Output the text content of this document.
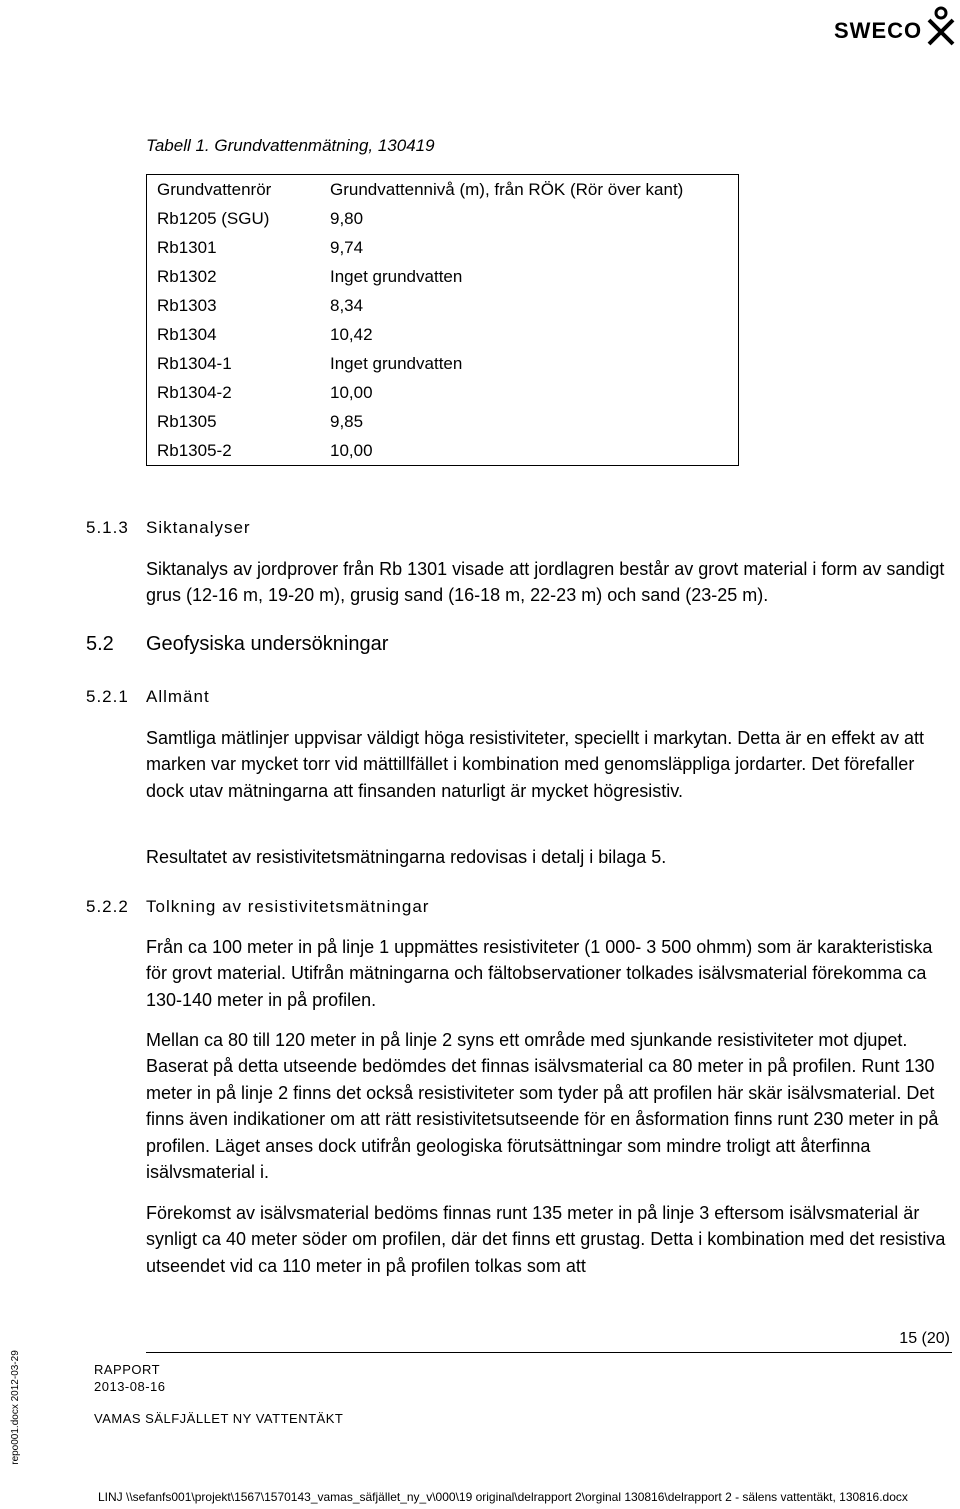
SWECO
Tabell 1. Grundvattenmätning, 130419
Grundvattenrör	Grundvattennivå (m), från RÖK (Rör över kant)
Rb1205 (SGU)	9,80
Rb1301	9,74
Rb1302	Inget grundvatten
Rb1303	8,34
Rb1304	10,42
Rb1304-1	Inget grundvatten
Rb1304-2	10,00
Rb1305	9,85
Rb1305-2	10,00
5.1.3 Siktanalyser
Siktanalys av jordprover från Rb 1301 visade att jordlagren består av grovt material i form av sandigt grus (12-16 m, 19-20 m), grusig sand (16-18 m, 22-23 m) och sand (23-25 m).
5.2 Geofysiska undersökningar
5.2.1 Allmänt
Samtliga mätlinjer uppvisar väldigt höga resistiviteter, speciellt i markytan. Detta är en effekt av att marken var mycket torr vid mättillfället i kombination med genomsläppliga jordarter. Det förefaller dock utav mätningarna att finsanden naturligt är mycket högresistiv.
Resultatet av resistivitetsmätningarna redovisas i detalj i bilaga 5.
5.2.2 Tolkning av resistivitetsmätningar
Från ca 100 meter in på linje 1 uppmättes resistiviteter (1 000- 3 500 ohmm) som är karakteristiska för grovt material. Utifrån mätningarna och fältobservationer tolkades isälvsmaterial förekomma ca 130-140 meter in på profilen.
Mellan ca 80 till 120 meter in på linje 2 syns ett område med sjunkande resistiviteter mot djupet. Baserat på detta utseende bedömdes det finnas isälvsmaterial ca 80 meter in på profilen. Runt 130 meter in på linje 2 finns det också resistiviteter som tyder på att profilen här skär isälvsmaterial. Det finns även indikationer om att rätt resistivitetsutseende för en åsformation finns runt 230 meter in på profilen. Läget anses dock utifrån geologiska förutsättningar som mindre troligt att återfinna isälvsmaterial i.
Förekomst av isälvsmaterial bedöms finnas runt 135 meter in på linje 3 eftersom isälvsmaterial är synligt ca 40 meter söder om profilen, där det finns ett grustag. Detta i kombination med det resistiva utseendet vid ca 110 meter in på profilen tolkas som att
15 (20)
RAPPORT
2013-08-16
VAMAS SÄLFJÄLLET NY VATTENTÄKT
repo001.docx 2012-03-29
LINJ \\sefanfs001\projekt\1567\1570143_vamas_säfjället_ny_v\000\19 original\delrapport 2\orginal 130816\delrapport 2 - sälens vattentäkt, 130816.docx
